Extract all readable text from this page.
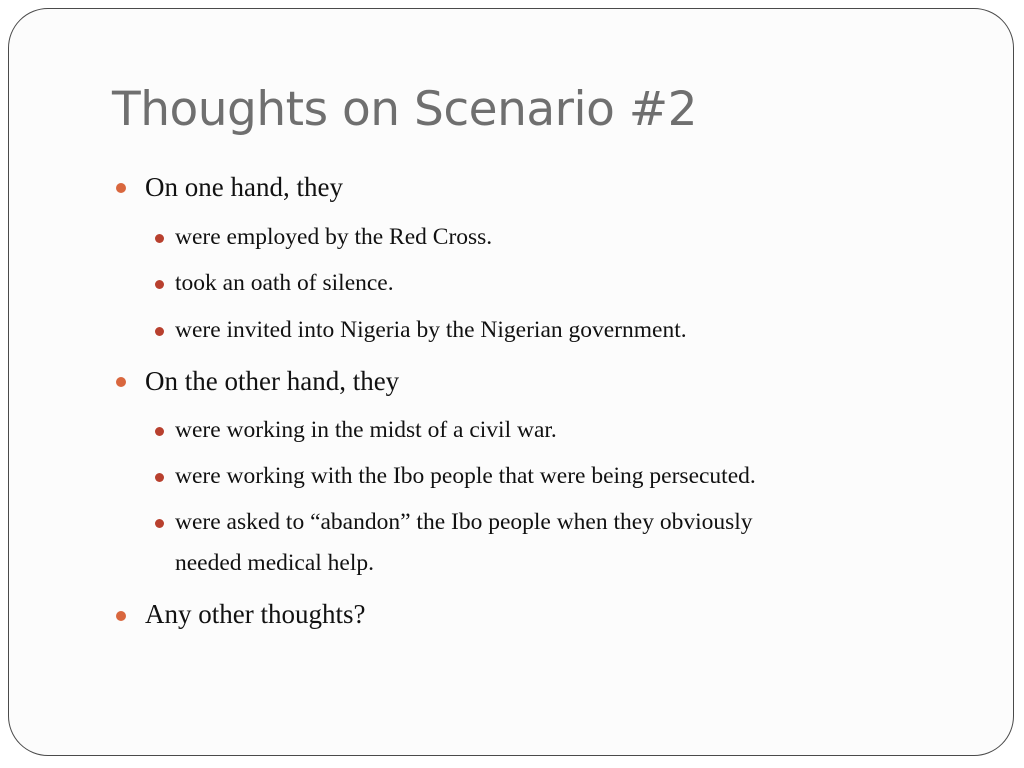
Thoughts on Scenario #2
On one hand, they
were employed by the Red Cross.
took an oath of silence.
were invited into Nigeria by the Nigerian government.
On the other hand, they
were working in the midst of a civil war.
were working with the Ibo people that were being persecuted.
were asked to “abandon” the Ibo people when they obviously
needed medical help.
Any other thoughts?
